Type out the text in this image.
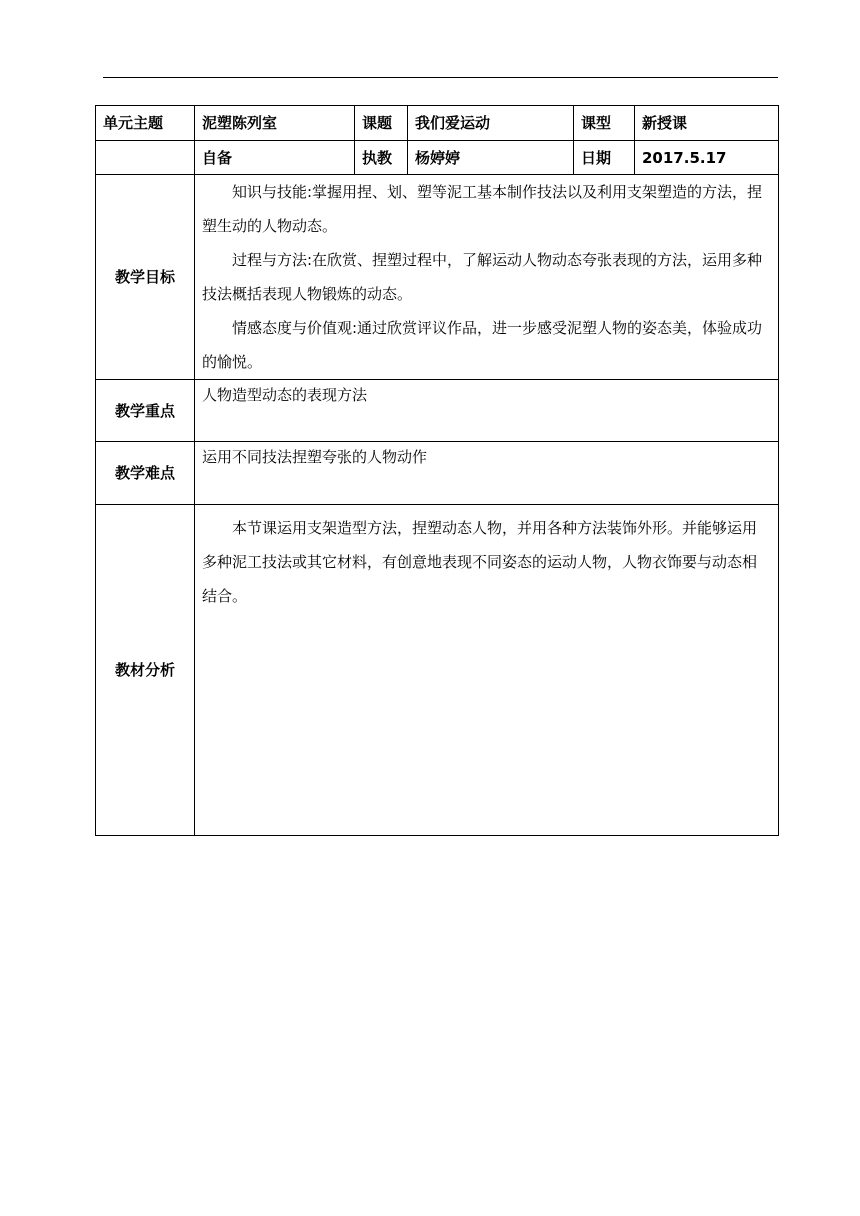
单元主题	泥塑陈列室	课题	我们爱运动	课型	新授课
	自备	执教	杨婷婷	日期	2017.5.17
教学目标	知识与技能:掌握用捏、划、塑等泥工基本制作技法以及利用支架塑造的方法，捏塑生动的人物动态。

过程与方法:在欣赏、捏塑过程中，了解运动人物动态夸张表现的方法，运用多种技法概括表现人物锻炼的动态。

情感态度与价值观:通过欣赏评议作品，进一步感受泥塑人物的姿态美，体验成功的愉悦。				

教学重点	人物造型动态的表现方法				
教学难点	运用不同技法捏塑夸张的人物动作				
教材分析	本节课运用支架造型方法，捏塑动态人物，并用各种方法装饰外形。并能够运用多种泥工技法或其它材料，有创意地表现不同姿态的运动人物，人物衣饰要与动态相结合。				
